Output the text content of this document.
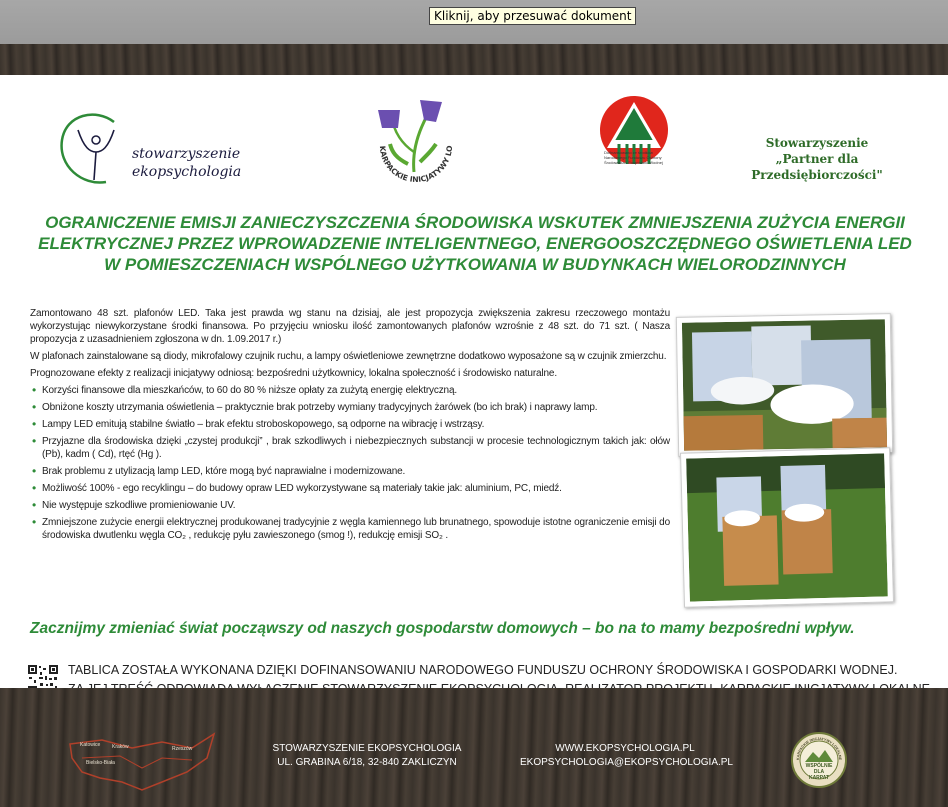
Kliknij, aby przesuwać dokument
stowarzyszenie
ekopsychologia
KARPACKIE INICJATYWY LO
Dofinansowano ze środków Narodowego Funduszu Ochrony Środowiska i Gospodarki Wodnej
Stowarzyszenie
„Partner dla
Przedsiębiorczości"
OGRANICZENIE EMISJI ZANIECZYSZCZENIA ŚRODOWISKA WSKUTEK ZMNIEJSZENIA ZUŻYCIA ENERGII
ELEKTRYCZNEJ PRZEZ WPROWADZENIE INTELIGENTNEGO, ENERGOOSZCZĘDNEGO OŚWIETLENIA LED
W POMIESZCZENIACH WSPÓLNEGO UŻYTKOWANIA W BUDYNKACH WIELORODZINNYCH

Zamontowano 48 szt. plafonów LED. Taka jest prawda wg stanu na dzisiaj, ale jest propozycja zwiększenia zakresu rzeczowego montażu wykorzystując niewykorzystane środki finansowa. Po przyjęciu wniosku ilość zamontowanych plafonów wzrośnie z 48 szt. do 71 szt. ( Nasza propozycja z uzasadnieniem zgłoszona w dn. 1.09.2017 r.)

W plafonach zainstalowane są diody, mikrofalowy czujnik ruchu, a lampy oświetleniowe zewnętrzne dodatkowo wyposażone są w czujnik zmierzchu.

Prognozowane efekty z realizacji inicjatywy odniosą: bezpośredni użytkownicy, lokalna społeczność i środowisko naturalne.

• Korzyści finansowe dla mieszkańców, to 60 do 80 % niższe opłaty za zużytą energię elektryczną.
• Obniżone koszty utrzymania oświetlenia – praktycznie brak potrzeby wymiany tradycyjnych żarówek (bo ich brak) i naprawy lamp.
• Lampy LED emitują stabilne światło – brak efektu stroboskopowego, są odporne na wibrację i wstrząsy.
• Przyjazne dla środowiska dzięki „czystej produkcji” , brak szkodliwych i niebezpiecznych substancji w procesie technologicznym takich jak: ołów (Pb), kadm ( Cd), rtęć (Hg ).
• Brak problemu z utylizacją lamp LED, które mogą być naprawialne i modernizowane.
• Możliwość 100% - ego recyklingu – do budowy opraw LED wykorzystywane są materiały takie jak: aluminium, PC, miedź.
• Nie występuje szkodliwe promieniowanie UV.
• Zmniejszone zużycie energii elektrycznej produkowanej tradycyjnie z węgla kamiennego lub brunatnego, spowoduje istotne ograniczenie emisji do środowiska dwutlenku węgla CO₂ , redukcję pyłu zawieszonego (smog !), redukcję emisji SO₂ .
Zacznijmy zmieniać świat począwszy od naszych gospodarstw domowych – bo na to mamy bezpośredni wpływ.
TABLICA ZOSTAŁA WYKONANA DZIĘKI DOFINANSOWANIU NARODOWEGO FUNDUSZU OCHRONY ŚRODOWISKA I GOSPODARKI WODNEJ.
Katowice Kraków	Rzeszów
Bielsko-Biała
STOWARZYSZENIE EKOPSYCHOLOGIA
UL. GRABINA 6/18, 32-840 ZAKLICZYN
WWW.EKOPSYCHOLOGIA.PL
EKOPSYCHOLOGIA@EKOPSYCHOLOGIA.PL	KARPACKIE INICJATYWY LOKALNE
WSPÓLNIE
DLA
KARPAT
